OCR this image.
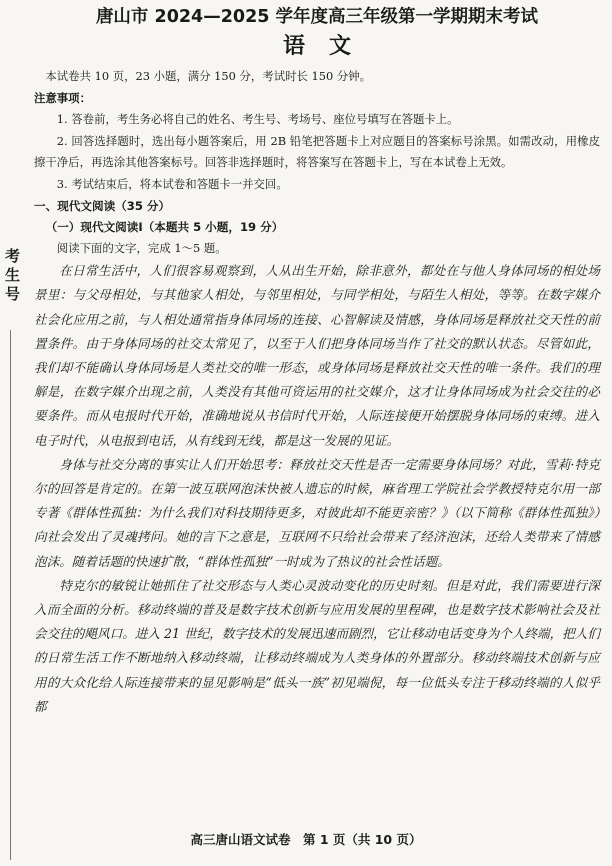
考生号
唐山市 2024—2025 学年度高三年级第一学期期末考试
语文

本试卷共 10 页，23 小题，满分 150 分，考试时长 150 分钟。

注意事项：

1. 答卷前，考生务必将自己的姓名、考生号、考场号、座位号填写在答题卡上。

2. 回答选择题时，选出每小题答案后，用 2B 铅笔把答题卡上对应题目的答案标号涂黑。如需改动，用橡皮擦干净后，再选涂其他答案标号。回答非选择题时，将答案写在答题卡上，写在本试卷上无效。

3. 考试结束后，将本试卷和答题卡一并交回。

一、现代文阅读（35 分）

（一）现代文阅读Ⅰ（本题共 5 小题，19 分）

阅读下面的文字，完成 1～5 题。

在日常生活中，人们很容易观察到，人从出生开始，除非意外，都处在与他人身体同场的相处场景里：与父母相处，与其他家人相处，与邻里相处，与同学相处，与陌生人相处，等等。在数字媒介社会化应用之前，与人相处通常指身体同场的连接、心智解读及情感，身体同场是释放社交天性的前置条件。由于身体同场的社交太常见了，以至于人们把身体同场当作了社交的默认状态。尽管如此，我们却不能确认身体同场是人类社交的唯一形态，或身体同场是释放社交天性的唯一条件。我们的理解是，在数字媒介出现之前，人类没有其他可资运用的社交媒介，这才让身体同场成为社会交往的必要条件。而从电报时代开始，准确地说从书信时代开始，人际连接便开始摆脱身体同场的束缚。进入电子时代，从电报到电话，从有线到无线，都是这一发展的见证。

身体与社交分离的事实让人们开始思考：释放社交天性是否一定需要身体同场？对此，雪莉·特克尔的回答是肯定的。在第一波互联网泡沫快被人遗忘的时候，麻省理工学院社会学教授特克尔用一部专著《群体性孤独：为什么我们对科技期待更多，对彼此却不能更亲密？》（以下简称《群体性孤独》）向社会发出了灵魂拷问。她的言下之意是，互联网不只给社会带来了经济泡沫，还给人类带来了情感泡沫。随着话题的快速扩散，“群体性孤独”一时成为了热议的社会性话题。

特克尔的敏锐让她抓住了社交形态与人类心灵波动变化的历史时刻。但是对此，我们需要进行深入而全面的分析。移动终端的普及是数字技术创新与应用发展的里程碑，也是数字技术影响社会及社会交往的飓风口。进入 21 世纪，数字技术的发展迅速而剧烈，它让移动电话变身为个人终端，把人们的日常生活工作不断地纳入移动终端，让移动终端成为人类身体的外置部分。移动终端技术创新与应用的大众化给人际连接带来的显见影响是“低头一族”初见端倪，每一位低头专注于移动终端的人似乎都

高三唐山语文试卷　第 1 页（共 10 页）
